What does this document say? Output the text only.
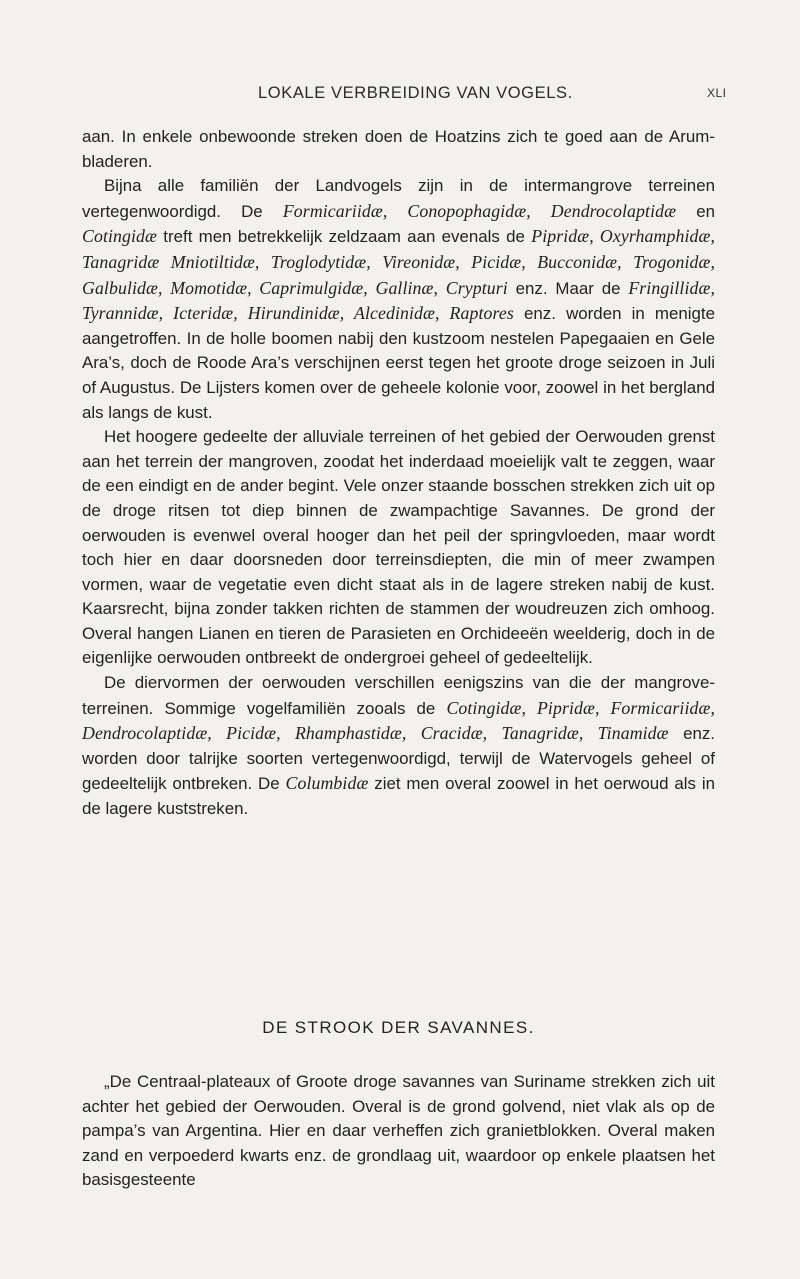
LOKALE VERBREIDING VAN VOGELS.	XLI

aan. In enkele onbewoonde streken doen de Hoatzins zich te goed aan de Arum-bladeren.

Bijna alle familiën der Landvogels zijn in de intermangrove terreinen vertegenwoordigd. De Formicariidæ, Conopophagidæ, Dendrocolaptidæ en Cotingidæ treft men betrekkelijk zeldzaam aan evenals de Pipridæ, Oxyrhamphidæ, Tanagridæ Mniotiltidæ, Troglodytidæ, Vireonidæ, Picidæ, Bucconidæ, Trogonidæ, Galbulidæ, Momotidæ, Caprimulgidæ, Gallinæ, Crypturi enz. Maar de Fringillidæ, Tyrannidæ, Icteridæ, Hirundinidæ, Alcedinidæ, Raptores enz. worden in menigte aangetroffen. In de holle boomen nabij den kustzoom nestelen Papegaaien en Gele Ara’s, doch de Roode Ara’s verschijnen eerst tegen het groote droge seizoen in Juli of Augustus. De Lijsters komen over de geheele kolonie voor, zoowel in het bergland als langs de kust.

Het hoogere gedeelte der alluviale terreinen of het gebied der Oerwouden grenst aan het terrein der mangroven, zoodat het inderdaad moeielijk valt te zeggen, waar de een eindigt en de ander begint. Vele onzer staande bosschen strekken zich uit op de droge ritsen tot diep binnen de zwampachtige Savannes. De grond der oerwouden is evenwel overal hooger dan het peil der springvloeden, maar wordt toch hier en daar doorsneden door terreinsdiepten, die min of meer zwampen vormen, waar de vegetatie even dicht staat als in de lagere streken nabij de kust. Kaarsrecht, bijna zonder takken richten de stammen der woudreuzen zich omhoog. Overal hangen Lianen en tieren de Parasieten en Orchideeën weelderig, doch in de eigenlijke oerwouden ontbreekt de ondergroei geheel of gedeeltelijk.

De diervormen der oerwouden verschillen eenigszins van die der mangrove-terreinen. Sommige vogelfamiliën zooals de Cotingidæ, Pipridæ, Formicariidæ, Dendrocolaptidæ, Picidæ, Rhamphastidæ, Cracidæ, Tanagridæ, Tinamidæ enz. worden door talrijke soorten vertegenwoordigd, terwijl de Watervogels geheel of gedeeltelijk ontbreken. De Columbidæ ziet men overal zoowel in het oerwoud als in de lagere kuststreken.

DE STROOK DER SAVANNES.

„De Centraal-plateaux of Groote droge savannes van Suriname strekken zich uit achter het gebied der Oerwouden. Overal is de grond golvend, niet vlak als op de pampa’s van Argentina. Hier en daar verheffen zich granietblokken. Overal maken zand en verpoederd kwarts enz. de grondlaag uit, waardoor op enkele plaatsen het basisgesteente
